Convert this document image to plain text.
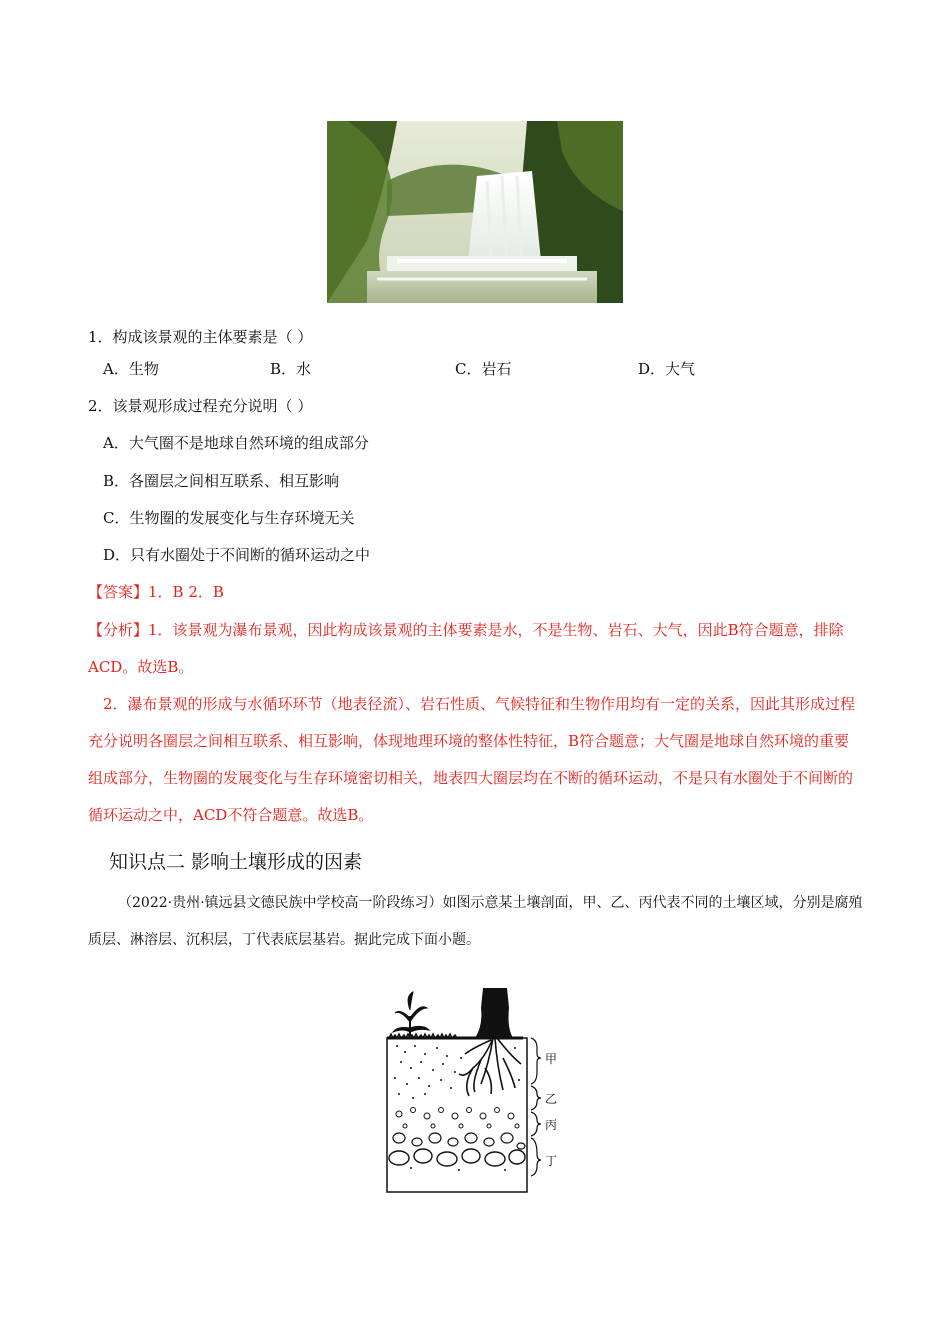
1．构成该景观的主体要素是（ ）
A．生物	B．水	C．岩石	D．大气
2．该景观形成过程充分说明（ ）
A．大气圈不是地球自然环境的组成部分
B．各圈层之间相互联系、相互影响
C．生物圈的发展变化与生存环境无关
D．只有水圈处于不间断的循环运动之中
【答案】1．B 2．B
【分析】1．该景观为瀑布景观，因此构成该景观的主体要素是水，不是生物、岩石、大气，因此B符合题意，排除ACD。故选B。
2．瀑布景观的形成与水循环环节（地表径流）、岩石性质、气候特征和生物作用均有一定的关系，因此其形成过程充分说明各圈层之间相互联系、相互影响，体现地理环境的整体性特征，B符合题意；大气圈是地球自然环境的重要组成部分，生物圈的发展变化与生存环境密切相关，地表四大圈层均在不断的循环运动，不是只有水圈处于不间断的循环运动之中，ACD不符合题意。故选B。
知识点二 影响土壤形成的因素
（2022·贵州·镇远县文德民族中学校高一阶段练习）如图示意某土壤剖面，甲、乙、丙代表不同的土壤区域，分别是腐殖质层、淋溶层、沉积层，丁代表底层基岩。据此完成下面小题。
甲
乙
丙
丁
